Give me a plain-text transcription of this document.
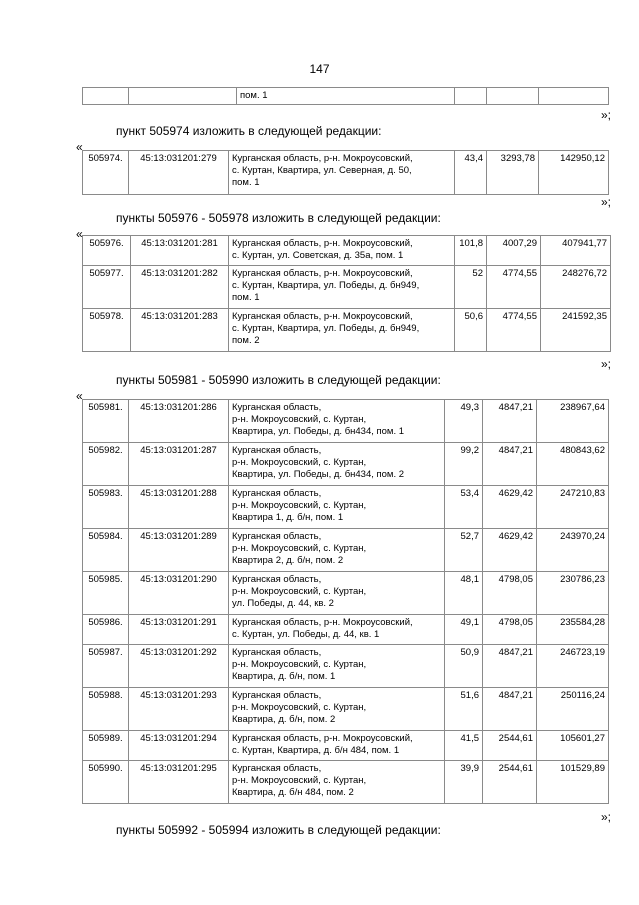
147
		пом. 1			
»;
пункт 505974 изложить в следующей редакции:
«
505974.	45:13:031201:279	Курганская область, р-н. Мокроусовский,
с. Куртан, Квартира, ул. Северная, д. 50,
пом. 1
	43,4	3293,78	142950,12
»;
пункты 505976 - 505978 изложить в следующей редакции:
«
505976.	45:13:031201:281	Курганская область, р-н. Мокроусовский,
с. Куртан, ул. Советская, д. 35а, пом. 1	101,8	4007,29	407941,77
505977.	45:13:031201:282	Курганская область, р-н. Мокроусовский,
с. Куртан, Квартира, ул. Победы, д. бн949,
пом. 1	52	4774,55	248276,72
505978.	45:13:031201:283	Курганская область, р-н. Мокроусовский,
с. Куртан, Квартира, ул. Победы, д. бн949,
пом. 2	50,6	4774,55	241592,35
»;
пункты 505981 - 505990 изложить в следующей редакции:
«
505981.	45:13:031201:286	Курганская область,
р-н. Мокроусовский, с. Куртан,
Квартира, ул. Победы, д. бн434, пом. 1	49,3	4847,21	238967,64
505982.	45:13:031201:287	Курганская область,
р-н. Мокроусовский, с. Куртан,
Квартира, ул. Победы, д. бн434, пом. 2	99,2	4847,21	480843,62
505983.	45:13:031201:288	Курганская область,
р-н. Мокроусовский, с. Куртан,
Квартира 1, д. б/н, пом. 1	53,4	4629,42	247210,83
505984.	45:13:031201:289	Курганская область,
р-н. Мокроусовский, с. Куртан,
Квартира 2, д. б/н, пом. 2	52,7	4629,42	243970,24
505985.	45:13:031201:290	Курганская область,
р-н. Мокроусовский, с. Куртан,
ул. Победы, д. 44, кв. 2	48,1	4798,05	230786,23
505986.	45:13:031201:291	Курганская область, р-н. Мокроусовский,
с. Куртан, ул. Победы, д. 44, кв. 1	49,1	4798,05	235584,28
505987.	45:13:031201:292	Курганская область,
р-н. Мокроусовский, с. Куртан,
Квартира, д. б/н, пом. 1	50,9	4847,21	246723,19
505988.	45:13:031201:293	Курганская область,
р-н. Мокроусовский, с. Куртан,
Квартира, д. б/н, пом. 2	51,6	4847,21	250116,24
505989.	45:13:031201:294	Курганская область, р-н. Мокроусовский,
с. Куртан, Квартира, д. б/н 484, пом. 1	41,5	2544,61	105601,27
505990.	45:13:031201:295	Курганская область,
р-н. Мокроусовский, с. Куртан,
Квартира, д. б/н 484, пом. 2	39,9	2544,61	101529,89
»;
пункты 505992 - 505994 изложить в следующей редакции:
